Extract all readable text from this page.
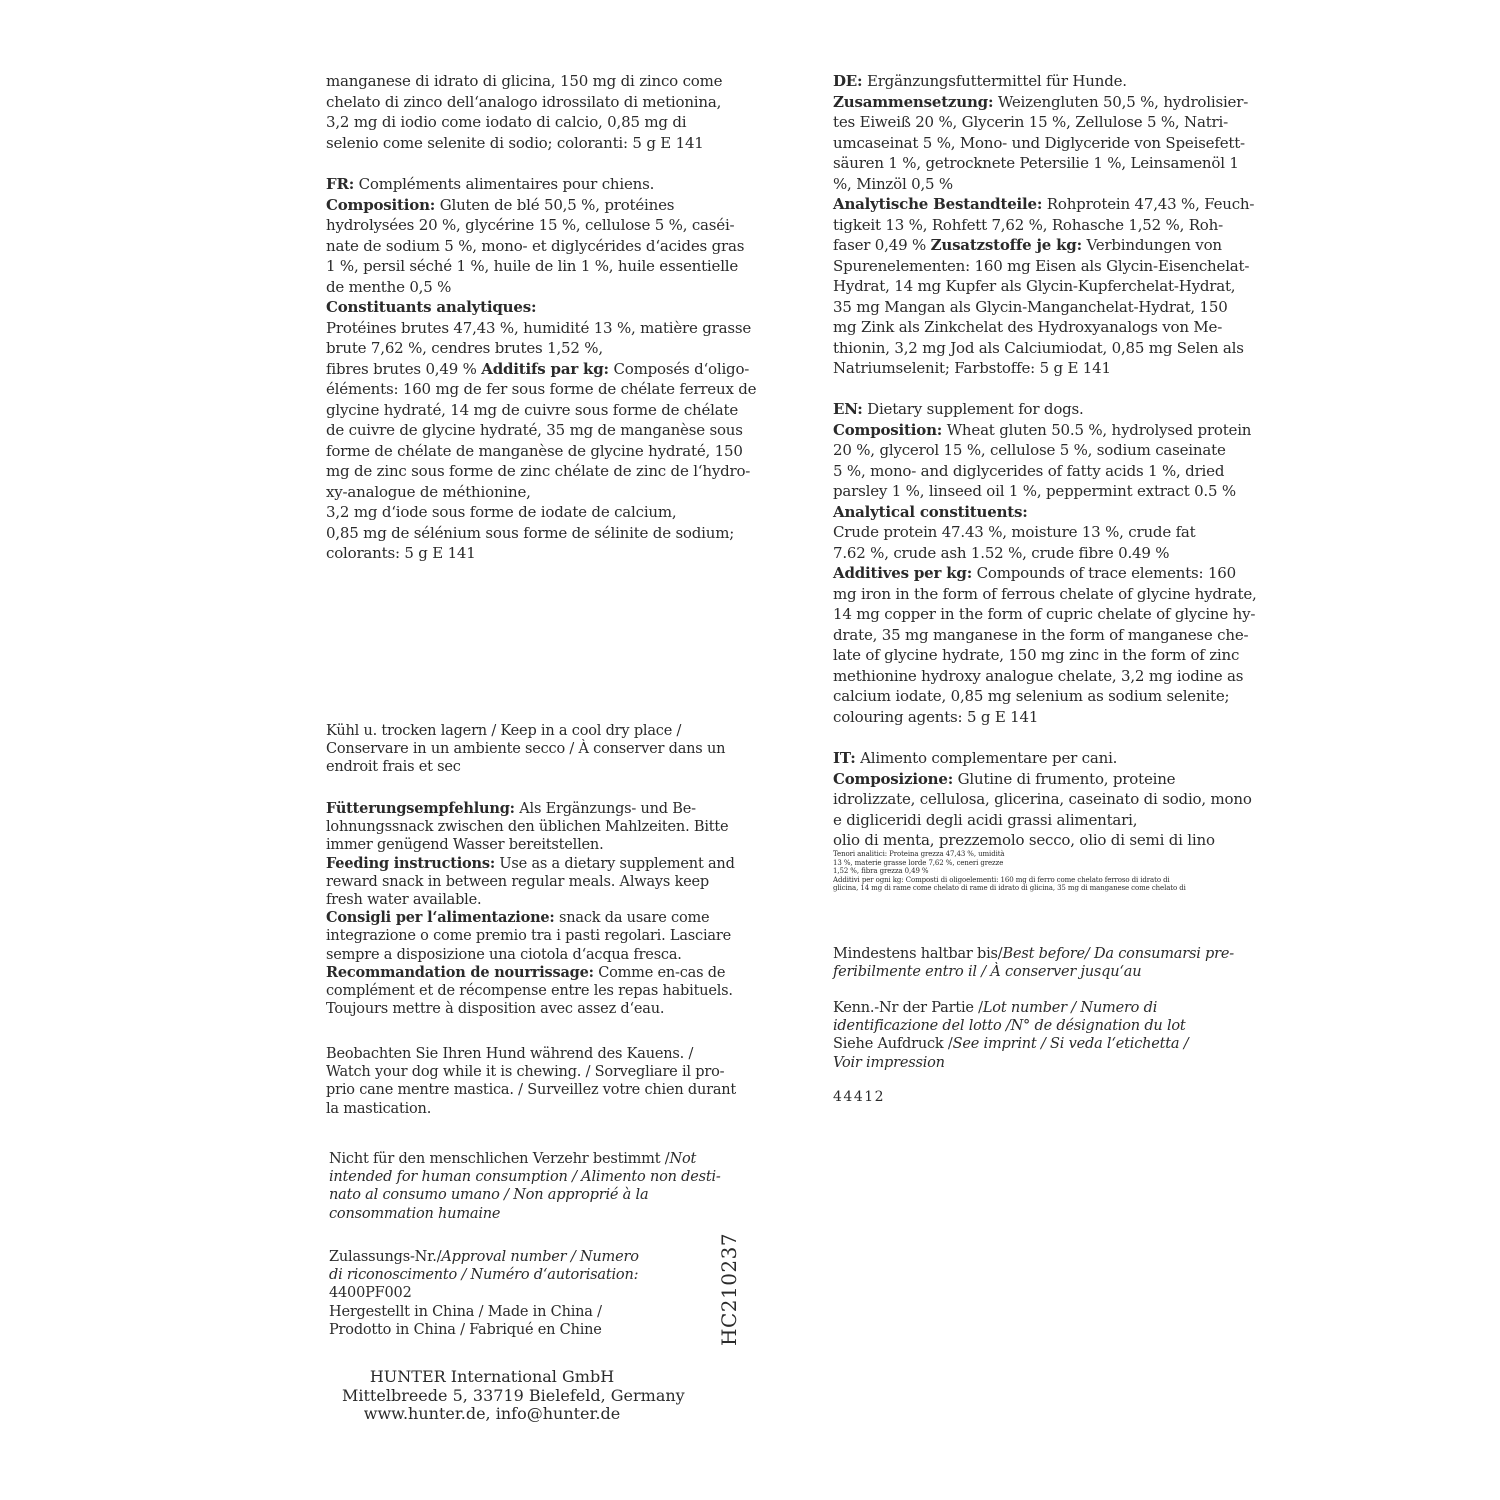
manganese di idrato di glicina, 150 mg di zinco come
chelato di zinco dell‘analogo idrossilato di metionina,
3,2 mg di iodio come iodato di calcio, 0,85 mg di
selenio come selenite di sodio; coloranti: 5 g E 141
FR: Compléments alimentaires pour chiens.
Composition: Gluten de blé 50,5 %, protéines
hydrolysées 20 %, glycérine 15 %, cellulose 5 %, caséi-
nate de sodium 5 %, mono- et diglycérides d‘acides gras
1 %, persil séché 1 %, huile de lin 1 %, huile essentielle
de menthe 0,5 %
Constituants analytiques:
Protéines brutes 47,43 %, humidité 13 %, matière grasse
brute 7,62 %, cendres brutes 1,52 %,
fibres brutes 0,49 % Additifs par kg: Composés d‘oligo-
éléments: 160 mg de fer sous forme de chélate ferreux de
glycine hydraté, 14 mg de cuivre sous forme de chélate
de cuivre de glycine hydraté, 35 mg de manganèse sous
forme de chélate de manganèse de glycine hydraté, 150
mg de zinc sous forme de zinc chélate de zinc de l‘hydro-
xy-analogue de méthionine,
3,2 mg d‘iode sous forme de iodate de calcium,
0,85 mg de sélénium sous forme de sélinite de sodium;
colorants: 5 g E 141
Kühl u. trocken lagern / Keep in a cool dry place /
Conservare in un ambiente secco / À conserver dans un
endroit frais et sec
Fütterungsempfehlung: Als Ergänzungs- und Be-
lohnungssnack zwischen den üblichen Mahlzeiten. Bitte
immer genügend Wasser bereitstellen.
Feeding instructions: Use as a dietary supplement and
reward snack in between regular meals. Always keep
fresh water available.
Consigli per l‘alimentazione: snack da usare come
integrazione o come premio tra i pasti regolari. Lasciare
sempre a disposizione una ciotola d‘acqua fresca.
Recommandation de nourrissage: Comme en-cas de
complément et de récompense entre les repas habituels.
Toujours mettre à disposition avec assez d‘eau.
Beobachten Sie Ihren Hund während des Kauens. /
Watch your dog while it is chewing. / Sorvegliare il pro-
prio cane mentre mastica. / Surveillez votre chien durant
la mastication.
Nicht für den menschlichen Verzehr bestimmt /Not
intended for human consumption / Alimento non desti-
nato al consumo umano / Non approprié à la
consommation humaine
Zulassungs-Nr./Approval number / Numero
di riconoscimento / Numéro d‘autorisation:
4400PF002
Hergestellt in China / Made in China /
Prodotto in China / Fabriqué en Chine	HC210237
HUNTER International GmbH
Mittelbreede 5, 33719 Bielefeld, Germany
www.hunter.de, info@hunter.de
DE: Ergänzungsfuttermittel für Hunde.
Zusammensetzung: Weizengluten 50,5 %, hydrolisier-
tes Eiweiß 20 %, Glycerin 15 %, Zellulose 5 %, Natri-
umcaseinat 5 %, Mono- und Diglyceride von Speisefett-
säuren 1 %, getrocknete Petersilie 1 %, Leinsamenöl 1
%, Minzöl 0,5 %
Analytische Bestandteile: Rohprotein 47,43 %, Feuch-
tigkeit 13 %, Rohfett 7,62 %, Rohasche 1,52 %, Roh-
faser 0,49 % Zusatzstoffe je kg: Verbindungen von
Spurenelementen: 160 mg Eisen als Glycin-Eisenchelat-
Hydrat, 14 mg Kupfer als Glycin-Kupferchelat-Hydrat,
35 mg Mangan als Glycin-Manganchelat-Hydrat, 150
mg Zink als Zinkchelat des Hydroxyanalogs von Me-
thionin, 3,2 mg Jod als Calciumiodat, 0,85 mg Selen als
Natriumselenit; Farbstoffe: 5 g E 141
EN: Dietary supplement for dogs.
Composition: Wheat gluten 50.5 %, hydrolysed protein
20 %, glycerol 15 %, cellulose 5 %, sodium caseinate
5 %, mono- and diglycerides of fatty acids 1 %, dried
parsley 1 %, linseed oil 1 %, peppermint extract 0.5 %
Analytical constituents:
Crude protein 47.43 %, moisture 13 %, crude fat
7.62 %, crude ash 1.52 %, crude fibre 0.49 %
Additives per kg: Compounds of trace elements: 160
mg iron in the form of ferrous chelate of glycine hydrate,
14 mg copper in the form of cupric chelate of glycine hy-
drate, 35 mg manganese in the form of manganese che-
late of glycine hydrate, 150 mg zinc in the form of zinc
methionine hydroxy analogue chelate, 3,2 mg iodine as
calcium iodate, 0,85 mg selenium as sodium selenite;
colouring agents: 5 g E 141
IT: Alimento complementare per cani.
Composizione: Glutine di frumento, proteine
idrolizzate, cellulosa, glicerina, caseinato di sodio, mono
e digliceridi degli acidi grassi alimentari,
olio di menta, prezzemolo secco, olio di semi di lino
Tenori analitici: Proteina grezza 47,43 %, umidità
13 %, materie grasse lorde 7,62 %, ceneri grezze
1,52 %, fibra grezza 0,49 %
Additivi per ogni kg: Composti di oligoelementi: 160 mg di ferro come chelato ferroso di idrato di
glicina, 14 mg di rame come chelato di rame di idrato di glicina, 35 mg di manganese come chelato di
Mindestens haltbar bis/Best before/ Da consumarsi pre-
feribilmente entro il / À conserver jusqu‘au
Kenn.-Nr der Partie /Lot number / Numero di
identificazione del lotto /N° de désignation du lot
Siehe Aufdruck /See imprint / Si veda l‘etichetta /
Voir impression
44412
